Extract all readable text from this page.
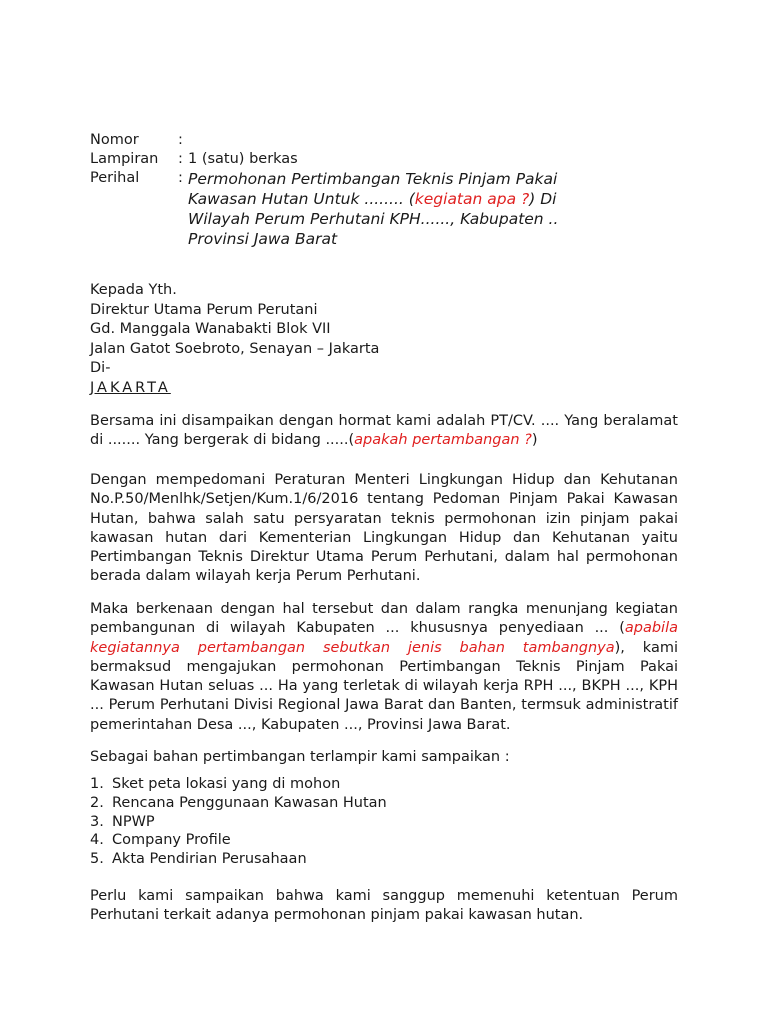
Nomor	:
Lampiran	: 1 (satu) berkas
Perihal	: Permohonan Pertimbangan Teknis Pinjam Pakai Kawasan Hutan Untuk ........ (kegiatan apa ?) Di Wilayah Perum Perhutani KPH......, Kabupaten .. Provinsi Jawa Barat
Kepada Yth.
Direktur Utama Perum Perutani
Gd. Manggala Wanabakti Blok VII
Jalan Gatot Soebroto, Senayan – Jakarta
Di-
JAKARTA
Bersama ini disampaikan dengan hormat kami adalah PT/CV. .... Yang beralamat di ....... Yang bergerak di bidang .....(apakah pertambangan ?)
Dengan mempedomani Peraturan Menteri Lingkungan Hidup dan Kehutanan No.P.50/Menlhk/Setjen/Kum.1/6/2016 tentang Pedoman Pinjam Pakai Kawasan Hutan, bahwa salah satu persyaratan teknis permohonan izin pinjam pakai kawasan hutan dari Kementerian Lingkungan Hidup dan Kehutanan yaitu Pertimbangan Teknis Direktur Utama Perum Perhutani, dalam hal permohonan berada dalam wilayah kerja Perum Perhutani.
Maka berkenaan dengan hal tersebut dan dalam rangka menunjang kegiatan pembangunan di wilayah Kabupaten ... khususnya penyediaan ... (apabila kegiatannya pertambangan sebutkan jenis bahan tambangnya), kami bermaksud mengajukan permohonan Pertimbangan Teknis Pinjam Pakai Kawasan Hutan seluas ... Ha yang terletak di wilayah kerja RPH ..., BKPH ..., KPH ... Perum Perhutani Divisi Regional Jawa Barat dan Banten, termsuk administratif pemerintahan Desa ..., Kabupaten ..., Provinsi Jawa Barat.
Sebagai bahan pertimbangan terlampir kami sampaikan :
1. Sket peta lokasi yang di mohon
2. Rencana Penggunaan Kawasan Hutan
3. NPWP
4. Company Profile
5. Akta Pendirian Perusahaan
Perlu kami sampaikan bahwa kami sanggup memenuhi ketentuan Perum Perhutani terkait adanya permohonan pinjam pakai kawasan hutan.
